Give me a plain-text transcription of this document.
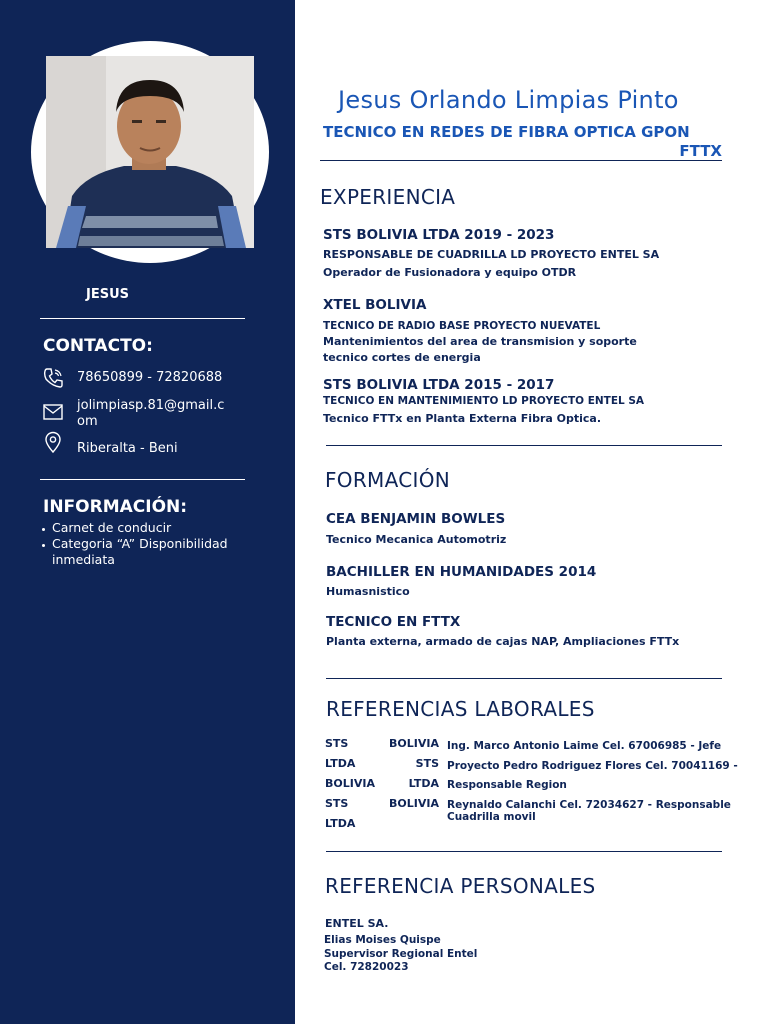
JESUS
CONTACTO:
78650899 - 72820688
jolimpiasp.81@gmail.c
om
Riberalta - Beni
INFORMACIÓN:
Carnet de conducir
Categoria “A” Disponibilidad inmediata
Jesus Orlando Limpias Pinto
TECNICO EN REDES DE FIBRA OPTICA GPON
FTTX
EXPERIENCIA
STS BOLIVIA LTDA 2019 - 2023
RESPONSABLE DE CUADRILLA LD PROYECTO ENTEL SA
Operador de Fusionadora y equipo OTDR
XTEL BOLIVIA
TECNICO DE RADIO BASE PROYECTO NUEVATEL
Mantenimientos del area de transmision y soporte
tecnico cortes de energia
STS BOLIVIA LTDA 2015 - 2017
TECNICO EN MANTENIMIENTO LD PROYECTO ENTEL SA
Tecnico FTTx en Planta Externa Fibra Optica.
FORMACIÓN
CEA BENJAMIN BOWLES
Tecnico Mecanica Automotriz
BACHILLER EN HUMANIDADES 2014
Humasnistico
TECNICO EN FTTX
Planta externa, armado de cajas NAP, Ampliaciones FTTx
REFERENCIAS LABORALES
STS BOLIVIA
LTDA STS
BOLIVIA LTDA
STS BOLIVIA
LTDA
Ing. Marco Antonio Laime Cel. 67006985 - Jefe
Proyecto Pedro Rodriguez Flores Cel. 70041169 -
Responsable Region
Reynaldo Calanchi Cel. 72034627 - Responsable
Cuadrilla movil
REFERENCIA PERSONALES
ENTEL SA.
Elias Moises Quispe
Supervisor Regional Entel
Cel. 72820023
